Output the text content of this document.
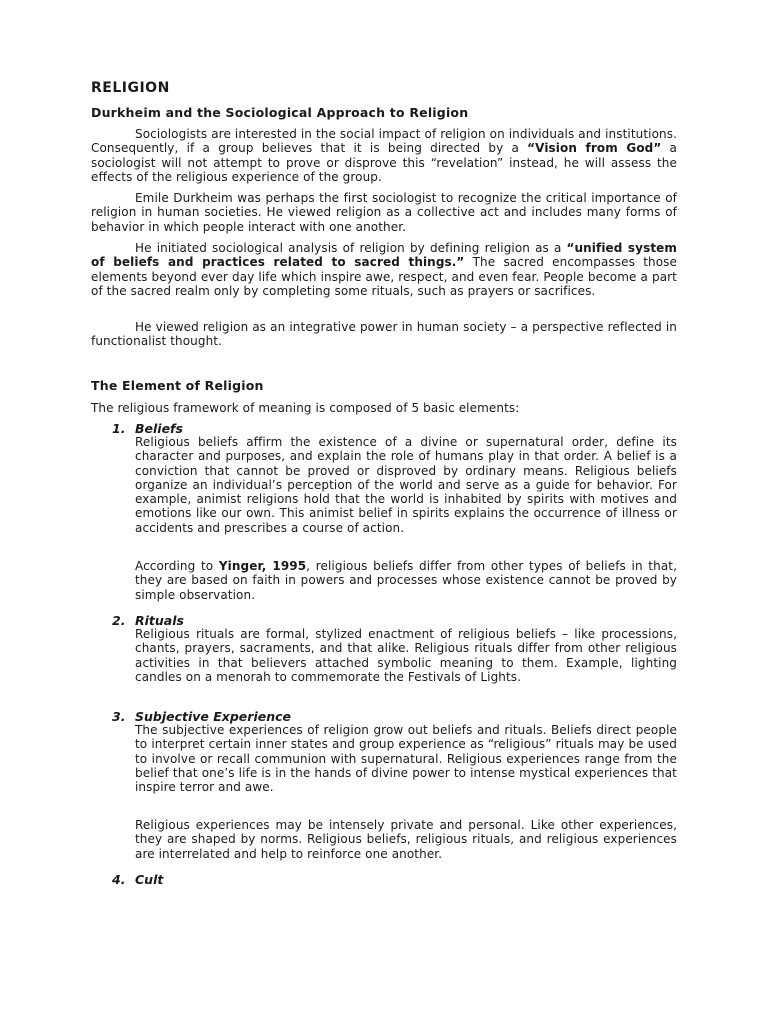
RELIGION
Durkheim and the Sociological Approach to Religion

Sociologists are interested in the social impact of religion on individuals and institutions. Consequently, if a group believes that it is being directed by a “Vision from God” a sociologist will not attempt to prove or disprove this “revelation” instead, he will assess the effects of the religious experience of the group.

Emile Durkheim was perhaps the first sociologist to recognize the critical importance of religion in human societies. He viewed religion as a collective act and includes many forms of behavior in which people interact with one another.

He initiated sociological analysis of religion by defining religion as a “unified system of beliefs and practices related to sacred things.” The sacred encompasses those elements beyond ever day life which inspire awe, respect, and even fear. People become a part of the sacred realm only by completing some rituals, such as prayers or sacrifices.

He viewed religion as an integrative power in human society – a perspective reflected in functionalist thought.

The Element of Religion

The religious framework of meaning is composed of 5 basic elements:

1. Beliefs

Religious beliefs affirm the existence of a divine or supernatural order, define its character and purposes, and explain the role of humans play in that order. A belief is a conviction that cannot be proved or disproved by ordinary means. Religious beliefs organize an individual’s perception of the world and serve as a guide for behavior. For example, animist religions hold that the world is inhabited by spirits with motives and emotions like our own. This animist belief in spirits explains the occurrence of illness or accidents and prescribes a course of action.

According to Yinger, 1995, religious beliefs differ from other types of beliefs in that, they are based on faith in powers and processes whose existence cannot be proved by simple observation.

2. Rituals

Religious rituals are formal, stylized enactment of religious beliefs – like processions, chants, prayers, sacraments, and that alike. Religious rituals differ from other religious activities in that believers attached symbolic meaning to them. Example, lighting candles on a menorah to commemorate the Festivals of Lights.

3. Subjective Experience

The subjective experiences of religion grow out beliefs and rituals. Beliefs direct people to interpret certain inner states and group experience as “religious” rituals may be used to involve or recall communion with supernatural. Religious experiences range from the belief that one’s life is in the hands of divine power to intense mystical experiences that inspire terror and awe.

Religious experiences may be intensely private and personal. Like other experiences, they are shaped by norms. Religious beliefs, religious rituals, and religious experiences are interrelated and help to reinforce one another.

4. Cult
